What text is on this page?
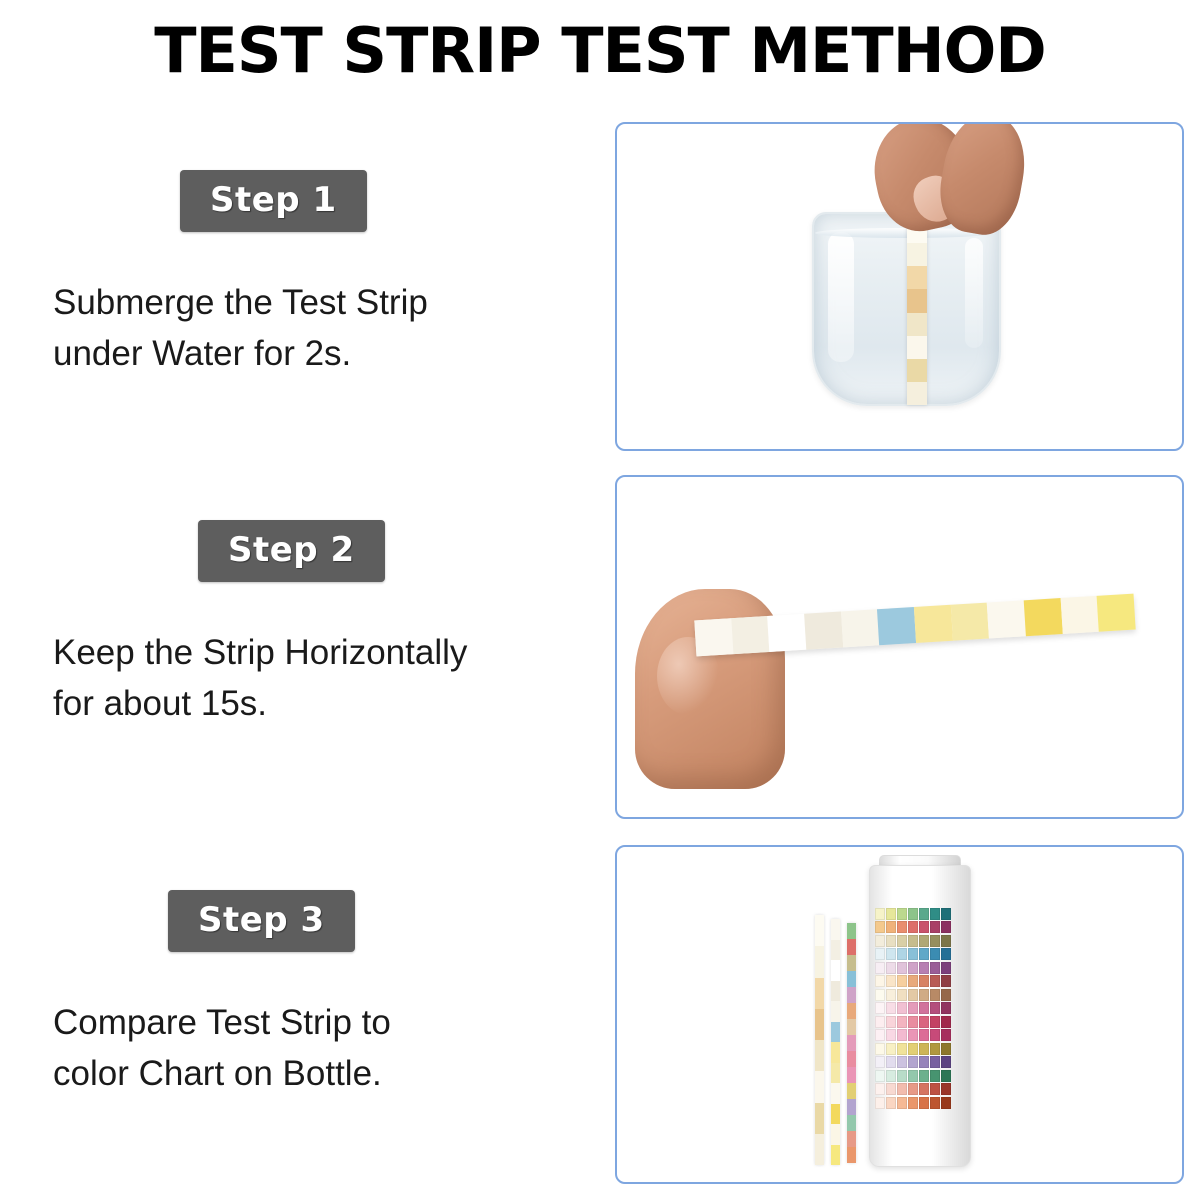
TEST STRIP TEST METHOD
Step 1
Submerge the Test Strip
under Water for 2s.
Step 2
Keep the Strip Horizontally
for about 15s.
Step 3
Compare Test Strip to
color Chart on Bottle.
